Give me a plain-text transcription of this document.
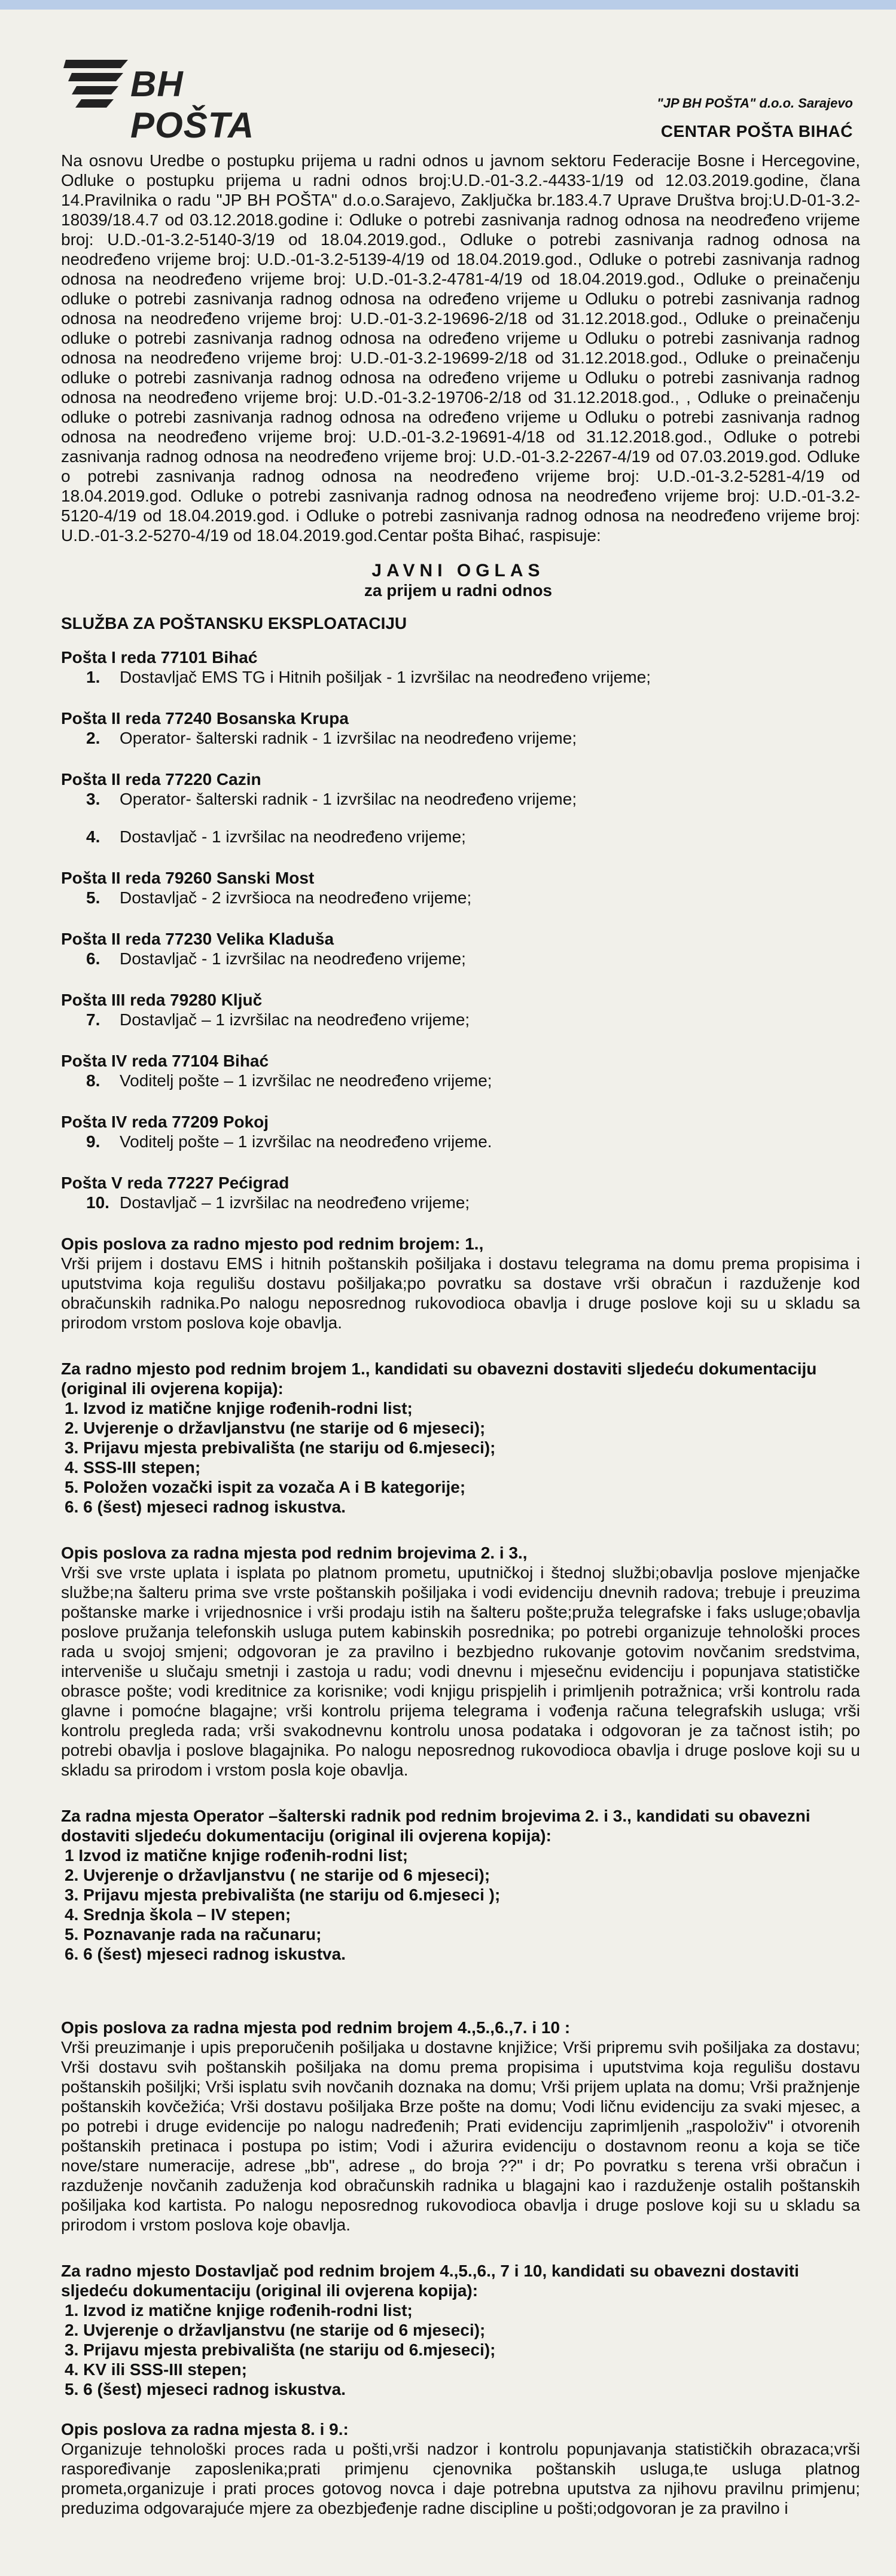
BH POŠTA
"JP BH POŠTA" d.o.o. Sarajevo
CENTAR POŠTA BIHAĆ

Na osnovu Uredbe o postupku prijema u radni odnos u javnom sektoru Federacije Bosne i Hercegovine, Odluke o postupku prijema u radni odnos broj:U.D.-01-3.2.-4433-1/19 od 12.03.2019.godine, člana 14.Pravilnika o radu "JP BH POŠTA" d.o.o.Sarajevo, Zaključka br.183.4.7 Uprave Društva broj:U.D-01-3.2-18039/18.4.7 od 03.12.2018.godine i: Odluke o potrebi zasnivanja radnog odnosa na neodređeno vrijeme broj: U.D.-01-3.2-5140-3/19 od 18.04.2019.god., Odluke o potrebi zasnivanja radnog odnosa na neodređeno vrijeme broj: U.D.-01-3.2-5139-4/19 od 18.04.2019.god., Odluke o potrebi zasnivanja radnog odnosa na neodređeno vrijeme broj: U.D.-01-3.2-4781-4/19 od 18.04.2019.god., Odluke o preinačenju odluke o potrebi zasnivanja radnog odnosa na određeno vrijeme u Odluku o potrebi zasnivanja radnog odnosa na neodređeno vrijeme broj: U.D.-01-3.2-19696-2/18 od 31.12.2018.god., Odluke o preinačenju odluke o potrebi zasnivanja radnog odnosa na određeno vrijeme u Odluku o potrebi zasnivanja radnog odnosa na neodređeno vrijeme broj: U.D.-01-3.2-19699-2/18 od 31.12.2018.god., Odluke o preinačenju odluke o potrebi zasnivanja radnog odnosa na određeno vrijeme u Odluku o potrebi zasnivanja radnog odnosa na neodređeno vrijeme broj: U.D.-01-3.2-19706-2/18 od 31.12.2018.god., , Odluke o preinačenju odluke o potrebi zasnivanja radnog odnosa na određeno vrijeme u Odluku o potrebi zasnivanja radnog odnosa na neodređeno vrijeme broj: U.D.-01-3.2-19691-4/18 od 31.12.2018.god., Odluke o potrebi zasnivanja radnog odnosa na neodređeno vrijeme broj: U.D.-01-3.2-2267-4/19 od 07.03.2019.god. Odluke o potrebi zasnivanja radnog odnosa na neodređeno vrijeme broj: U.D.-01-3.2-5281-4/19 od 18.04.2019.god. Odluke o potrebi zasnivanja radnog odnosa na neodređeno vrijeme broj: U.D.-01-3.2-5120-4/19 od 18.04.2019.god. i Odluke o potrebi zasnivanja radnog odnosa na neodređeno vrijeme broj: U.D.-01-3.2-5270-4/19 od 18.04.2019.god.Centar pošta Bihać, raspisuje:

JAVNI OGLAS
za prijem u radni odnos
SLUŽBA ZA POŠTANSKU EKSPLOATACIJU
Pošta I reda 77101 Bihać
1. Dostavljač EMS TG i Hitnih pošiljak - 1 izvršilac na neodređeno vrijeme;
Pošta II reda 77240 Bosanska Krupa
2. Operator- šalterski radnik - 1 izvršilac na neodređeno vrijeme;
Pošta II reda 77220 Cazin
3. Operator- šalterski radnik - 1 izvršilac na neodređeno vrijeme;
4. Dostavljač - 1 izvršilac na neodređeno vrijeme;
Pošta II reda 79260 Sanski Most
5. Dostavljač - 2 izvršioca na neodređeno vrijeme;
Pošta II reda 77230 Velika Kladuša
6. Dostavljač - 1 izvršilac na neodređeno vrijeme;
Pošta III reda 79280 Ključ
7. Dostavljač – 1 izvršilac na neodređeno vrijeme;
Pošta IV reda 77104 Bihać
8. Voditelj pošte – 1 izvršilac ne neodređeno vrijeme;
Pošta IV reda 77209 Pokoj
9. Voditelj pošte – 1 izvršilac na neodređeno vrijeme.
Pošta V reda 77227 Pećigrad
10. Dostavljač – 1 izvršilac na neodređeno vrijeme;
Opis poslova za radno mjesto pod rednim brojem: 1.,
Vrši prijem i dostavu EMS i hitnih poštanskih pošiljaka i dostavu telegrama na domu prema propisima i uputstvima koja regulišu dostavu pošiljaka;po povratku sa dostave vrši obračun i razduženje kod obračunskih radnika.Po nalogu neposrednog rukovodioca obavlja i druge poslove koji su u skladu sa prirodom vrstom poslova koje obavlja.
Za radno mjesto pod rednim brojem 1., kandidati su obavezni dostaviti sljedeću dokumentaciju (original ili ovjerena kopija):
1. Izvod iz matične knjige rođenih-rodni list;
2. Uvjerenje o državljanstvu (ne starije od 6 mjeseci);
3. Prijavu mjesta prebivališta (ne stariju od 6.mjeseci);
4. SSS-III stepen;
5. Položen vozački ispit za vozača A i B kategorije;
6. 6 (šest) mjeseci radnog iskustva.
Opis poslova za radna mjesta pod rednim brojevima 2. i 3.,
Vrši sve vrste uplata i isplata po platnom prometu, uputničkoj i štednoj službi;obavlja poslove mjenjačke službe;na šalteru prima sve vrste poštanskih pošiljaka i vodi evidenciju dnevnih radova; trebuje i preuzima poštanske marke i vrijednosnice i vrši prodaju istih na šalteru pošte;pruža telegrafske i faks usluge;obavlja poslove pružanja telefonskih usluga putem kabinskih posrednika; po potrebi organizuje tehnološki proces rada u svojoj smjeni; odgovoran je za pravilno i bezbjedno rukovanje gotovim novčanim sredstvima, interveniše u slučaju smetnji i zastoja u radu; vodi dnevnu i mjesečnu evidenciju i popunjava statističke obrasce pošte; vodi kreditnice za korisnike; vodi knjigu prispjelih i primljenih potražnica; vrši kontrolu rada glavne i pomoćne blagajne; vrši kontrolu prijema telegrama i vođenja računa telegrafskih usluga; vrši kontrolu pregleda rada; vrši svakodnevnu kontrolu unosa podataka i odgovoran je za tačnost istih; po potrebi obavlja i poslove blagajnika. Po nalogu neposrednog rukovodioca obavlja i druge poslove koji su u skladu sa prirodom i vrstom posla koje obavlja.
Za radna mjesta Operator –šalterski radnik pod rednim brojevima 2. i 3., kandidati su obavezni dostaviti sljedeću dokumentaciju (original ili ovjerena kopija):
1 Izvod iz matične knjige rođenih-rodni list;
2. Uvjerenje o državljanstvu ( ne starije od 6 mjeseci);
3. Prijavu mjesta prebivališta (ne stariju od 6.mjeseci );
4. Srednja škola – IV stepen;
5. Poznavanje rada na računaru;
6. 6 (šest) mjeseci radnog iskustva.
Opis poslova za radna mjesta pod rednim brojem 4.,5.,6.,7. i 10 :
Vrši preuzimanje i upis preporučenih pošiljaka u dostavne knjižice; Vrši pripremu svih pošiljaka za dostavu; Vrši dostavu svih poštanskih pošiljaka na domu prema propisima i uputstvima koja regulišu dostavu poštanskih pošiljki; Vrši isplatu svih novčanih doznaka na domu; Vrši prijem uplata na domu; Vrši pražnjenje poštanskih kovčežića; Vrši dostavu pošiljaka Brze pošte na domu; Vodi ličnu evidenciju za svaki mjesec, a po potrebi i druge evidencije po nalogu nadređenih; Prati evidenciju zaprimljenih „raspoloživ" i otvorenih poštanskih pretinaca i postupa po istim; Vodi i ažurira evidenciju o dostavnom reonu a koja se tiče nove/stare numeracije, adrese „bb", adrese „ do broja ??" i dr; Po povratku s terena vrši obračun i razduženje novčanih zaduženja kod obračunskih radnika u blagajni kao i razduženje ostalih poštanskih pošiljaka kod kartista. Po nalogu neposrednog rukovodioca obavlja i druge poslove koji su u skladu sa prirodom i vrstom poslova koje obavlja.
Za radno mjesto Dostavljač pod rednim brojem 4.,5.,6., 7 i 10, kandidati su obavezni dostaviti sljedeću dokumentaciju (original ili ovjerena kopija):
1. Izvod iz matične knjige rođenih-rodni list;
2. Uvjerenje o državljanstvu (ne starije od 6 mjeseci);
3. Prijavu mjesta prebivališta (ne stariju od 6.mjeseci);
4. KV ili SSS-III stepen;
5. 6 (šest) mjeseci radnog iskustva.
Opis poslova za radna mjesta 8. i 9.:
Organizuje tehnološki proces rada u pošti,vrši nadzor i kontrolu popunjavanja statističkih obrazaca;vrši raspoređivanje zaposlenika;prati primjenu cjenovnika poštanskih usluga,te usluga platnog prometa,organizuje i prati proces gotovog novca i daje potrebna uputstva za njihovu pravilnu primjenu; preduzima odgovarajuće mjere za obezbjeđenje radne discipline u pošti;odgovoran je za pravilno i
